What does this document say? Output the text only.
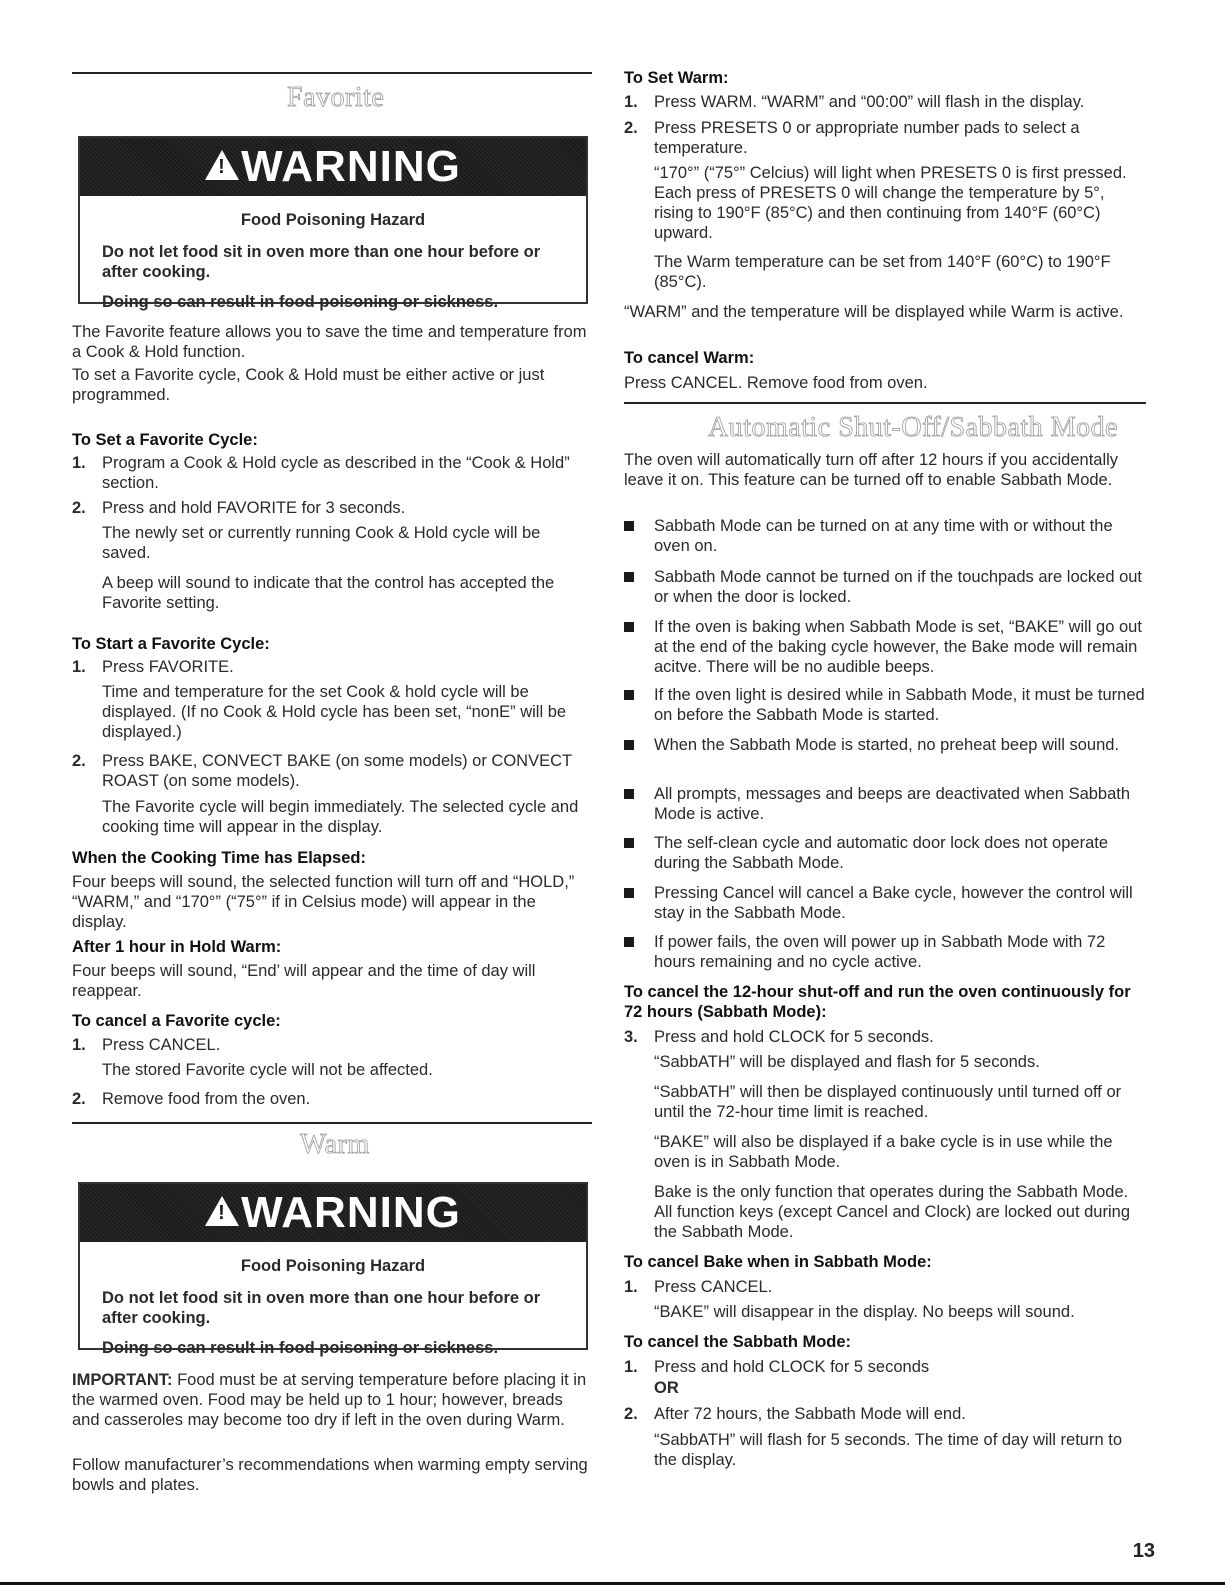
Favorite
!
WARNING
Food Poisoning Hazard
Do not let food sit in oven more than one hour before or after cooking.
Doing so can result in food poisoning or sickness.
The Favorite feature allows you to save the time and temperature from a Cook & Hold function.
To set a Favorite cycle, Cook & Hold must be either active or just programmed.
To Set a Favorite Cycle:
1. Program a Cook & Hold cycle as described in the “Cook & Hold” section.
2. Press and hold FAVORITE for 3 seconds.
The newly set or currently running Cook & Hold cycle will be saved.
A beep will sound to indicate that the control has accepted the Favorite setting.
To Start a Favorite Cycle:
1. Press FAVORITE.
Time and temperature for the set Cook & hold cycle will be displayed. (If no Cook & Hold cycle has been set, “nonE” will be displayed.)
2. Press BAKE, CONVECT BAKE (on some models) or CONVECT ROAST (on some models).
The Favorite cycle will begin immediately. The selected cycle and cooking time will appear in the display.
When the Cooking Time has Elapsed:
Four beeps will sound, the selected function will turn off and “HOLD,” “WARM,” and “170°” (“75°” if in Celsius mode) will appear in the display.
After 1 hour in Hold Warm:
Four beeps will sound, “End’ will appear and the time of day will reappear.
To cancel a Favorite cycle:
1. Press CANCEL.
The stored Favorite cycle will not be affected.
2. Remove food from the oven.
Warm
!
WARNING
Food Poisoning Hazard
Do not let food sit in oven more than one hour before or after cooking.
Doing so can result in food poisoning or sickness.
IMPORTANT: Food must be at serving temperature before placing it in the warmed oven. Food may be held up to 1 hour; however, breads and casseroles may become too dry if left in the oven during Warm.
Follow manufacturer’s recommendations when warming empty serving bowls and plates.
To Set Warm:
1. Press WARM. “WARM” and “00:00” will flash in the display.
2. Press PRESETS 0 or appropriate number pads to select a temperature.
“170°” (“75°” Celcius) will light when PRESETS 0 is first pressed. Each press of PRESETS 0 will change the temperature by 5°, rising to 190°F (85°C) and then continuing from 140°F (60°C) upward.
The Warm temperature can be set from 140°F (60°C) to 190°F (85°C).
“WARM” and the temperature will be displayed while Warm is active.
To cancel Warm:
Press CANCEL. Remove food from oven.
Automatic Shut-Off/Sabbath Mode
The oven will automatically turn off after 12 hours if you accidentally leave it on. This feature can be turned off to enable Sabbath Mode.
Sabbath Mode can be turned on at any time with or without the oven on.
Sabbath Mode cannot be turned on if the touchpads are locked out or when the door is locked.
If the oven is baking when Sabbath Mode is set, “BAKE” will go out at the end of the baking cycle however, the Bake mode will remain acitve. There will be no audible beeps.
If the oven light is desired while in Sabbath Mode, it must be turned on before the Sabbath Mode is started.
When the Sabbath Mode is started, no preheat beep will sound.
All prompts, messages and beeps are deactivated when Sabbath Mode is active.
The self-clean cycle and automatic door lock does not operate during the Sabbath Mode.
Pressing Cancel will cancel a Bake cycle, however the control will stay in the Sabbath Mode.
If power fails, the oven will power up in Sabbath Mode with 72 hours remaining and no cycle active.
To cancel the 12-hour shut-off and run the oven continuously for 72 hours (Sabbath Mode):
3. Press and hold CLOCK for 5 seconds.
“SabbATH” will be displayed and flash for 5 seconds.
“SabbATH” will then be displayed continuously until turned off or until the 72-hour time limit is reached.
“BAKE” will also be displayed if a bake cycle is in use while the oven is in Sabbath Mode.
Bake is the only function that operates during the Sabbath Mode. All function keys (except Cancel and Clock) are locked out during the Sabbath Mode.
To cancel Bake when in Sabbath Mode:
1. Press CANCEL.
“BAKE” will disappear in the display. No beeps will sound.
To cancel the Sabbath Mode:
1. Press and hold CLOCK for 5 seconds
OR
2. After 72 hours, the Sabbath Mode will end.
“SabbATH” will flash for 5 seconds. The time of day will return to the display.
13
